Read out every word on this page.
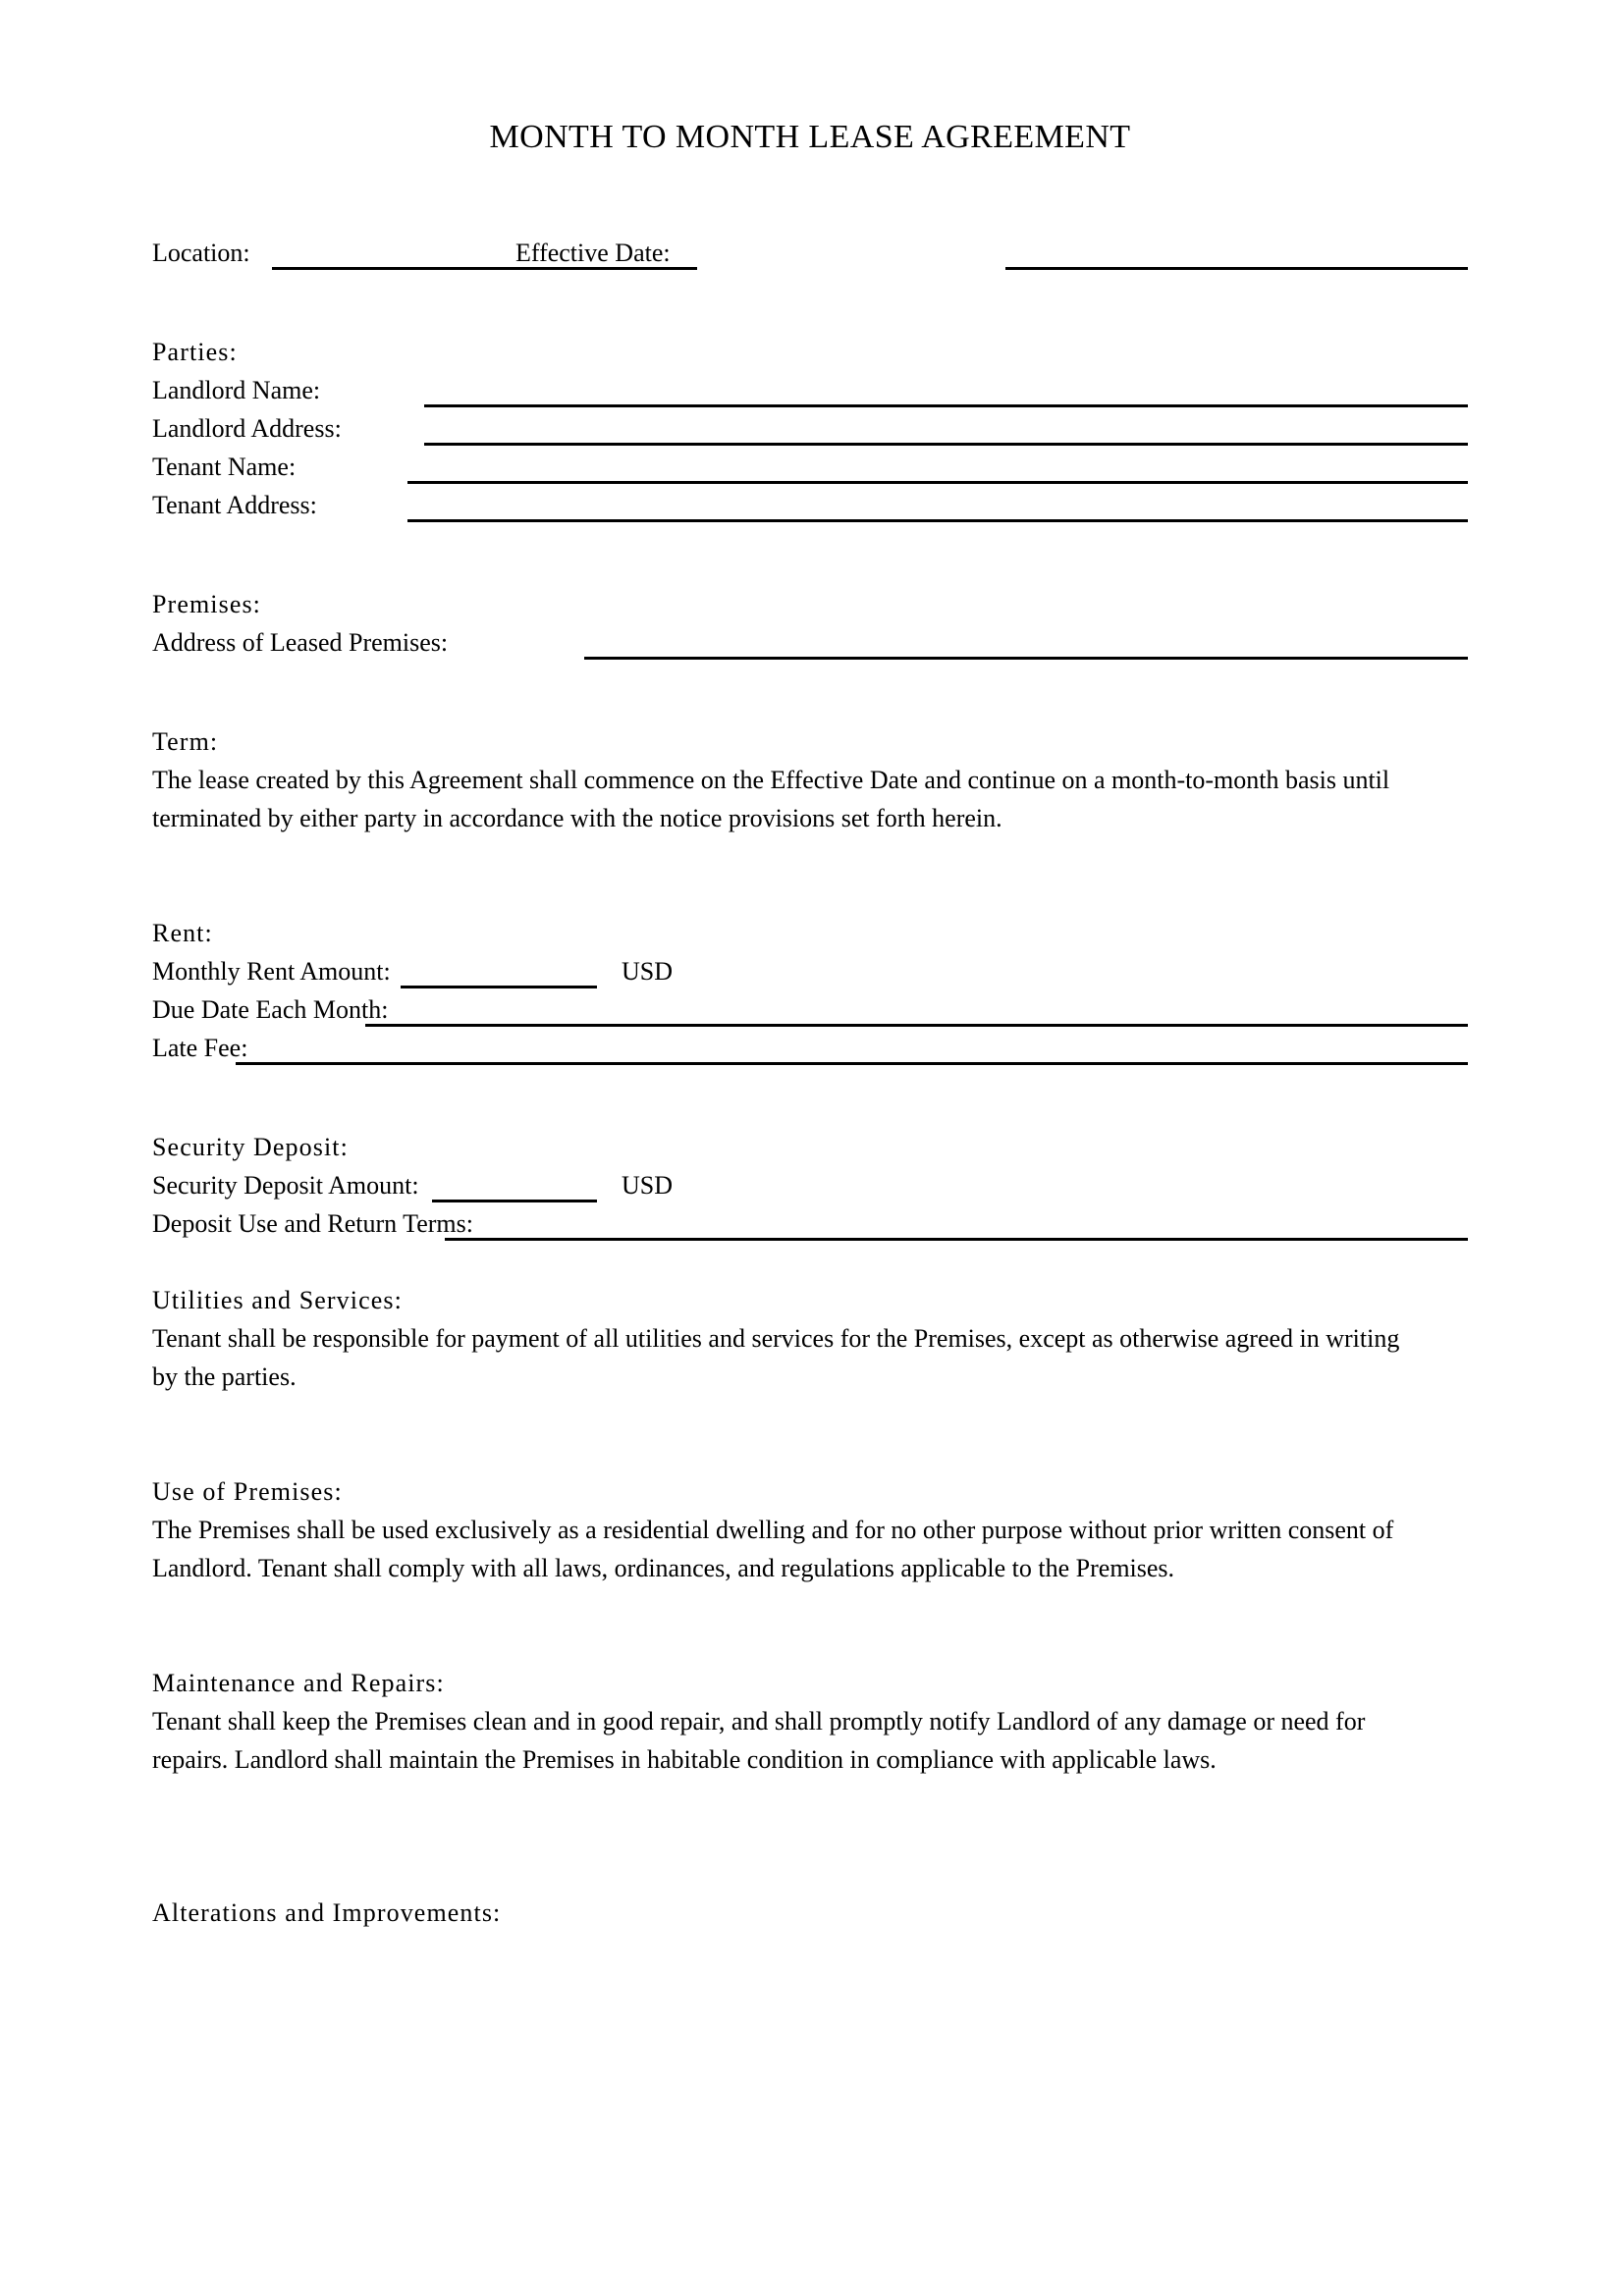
MONTH TO MONTH LEASE AGREEMENT
Location:	Effective Date:
Parties:
Landlord Name:
Landlord Address:
Tenant Name:
Tenant Address:
Premises:
Address of Leased Premises:
Term:
The lease created by this Agreement shall commence on the Effective Date and continue on a month-to-month basis until terminated by either party in accordance with the notice provisions set forth herein.
Rent:
Monthly Rent Amount:	USD
Due Date Each Month:
Late Fee:
Security Deposit:
Security Deposit Amount:	USD
Deposit Use and Return Terms:
Utilities and Services:
Tenant shall be responsible for payment of all utilities and services for the Premises, except as otherwise agreed in writing by the parties.
Use of Premises:
The Premises shall be used exclusively as a residential dwelling and for no other purpose without prior written consent of Landlord. Tenant shall comply with all laws, ordinances, and regulations applicable to the Premises.
Maintenance and Repairs:
Tenant shall keep the Premises clean and in good repair, and shall promptly notify Landlord of any damage or need for repairs. Landlord shall maintain the Premises in habitable condition in compliance with applicable laws.
Alterations and Improvements:
